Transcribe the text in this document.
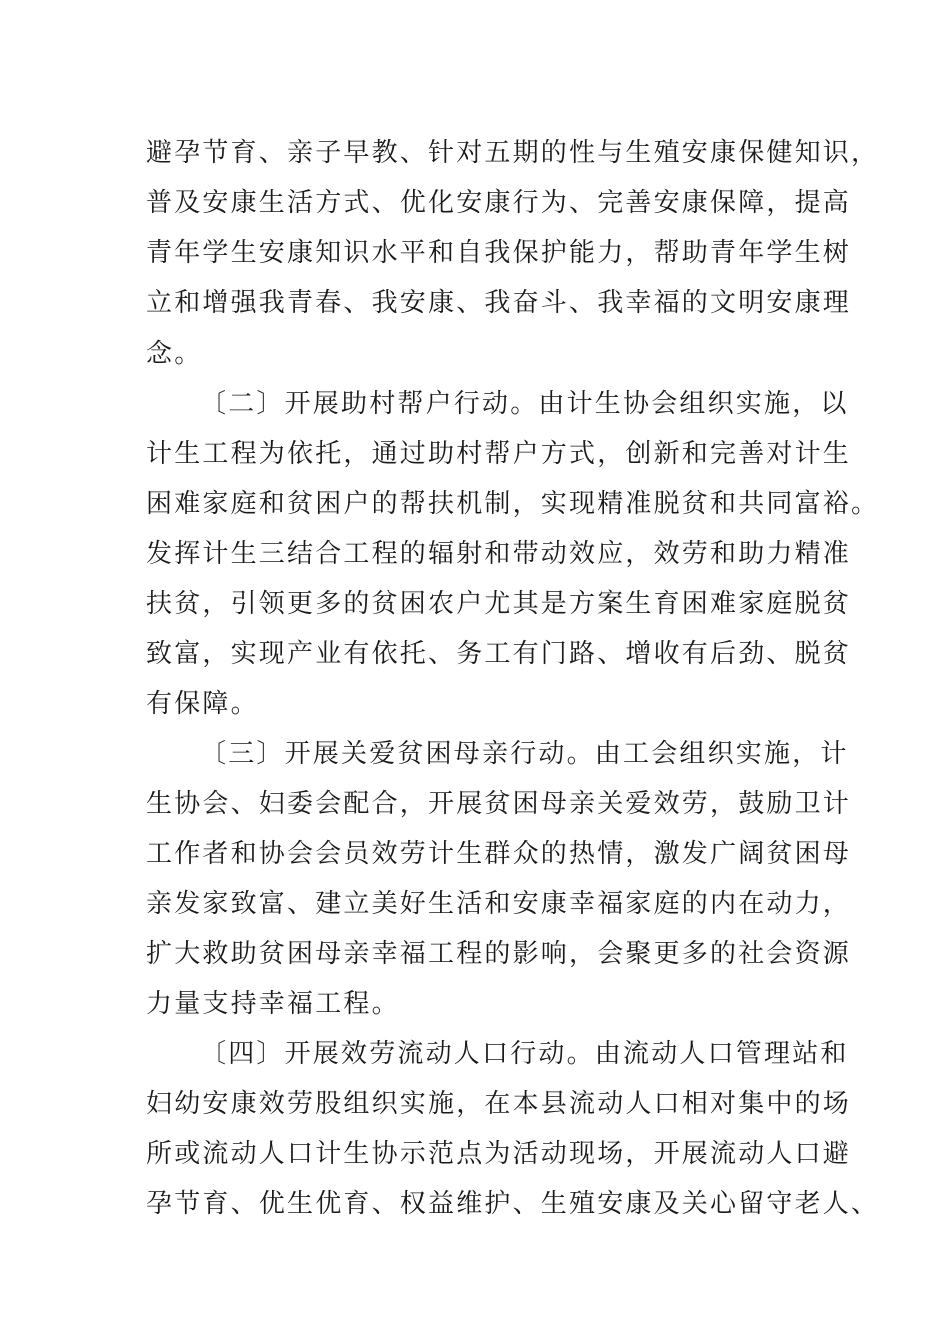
避孕节育、亲子早教、针对五期的性与生殖安康保健知识，
普及安康生活方式、优化安康行为、完善安康保障，提高
青年学生安康知识水平和自我保护能力，帮助青年学生树
立和增强我青春、我安康、我奋斗、我幸福的文明安康理
念。
〔二〕开展助村帮户行动。由计生协会组织实施，以
计生工程为依托，通过助村帮户方式，创新和完善对计生
困难家庭和贫困户的帮扶机制，实现精准脱贫和共同富裕。
发挥计生三结合工程的辐射和带动效应，效劳和助力精准
扶贫，引领更多的贫困农户尤其是方案生育困难家庭脱贫
致富，实现产业有依托、务工有门路、增收有后劲、脱贫
有保障。
〔三〕开展关爱贫困母亲行动。由工会组织实施，计
生协会、妇委会配合，开展贫困母亲关爱效劳，鼓励卫计
工作者和协会会员效劳计生群众的热情，激发广阔贫困母
亲发家致富、建立美好生活和安康幸福家庭的内在动力，
扩大救助贫困母亲幸福工程的影响，会聚更多的社会资源
力量支持幸福工程。
〔四〕开展效劳流动人口行动。由流动人口管理站和
妇幼安康效劳股组织实施，在本县流动人口相对集中的场
所或流动人口计生协示范点为活动现场，开展流动人口避
孕节育、优生优育、权益维护、生殖安康及关心留守老人、
